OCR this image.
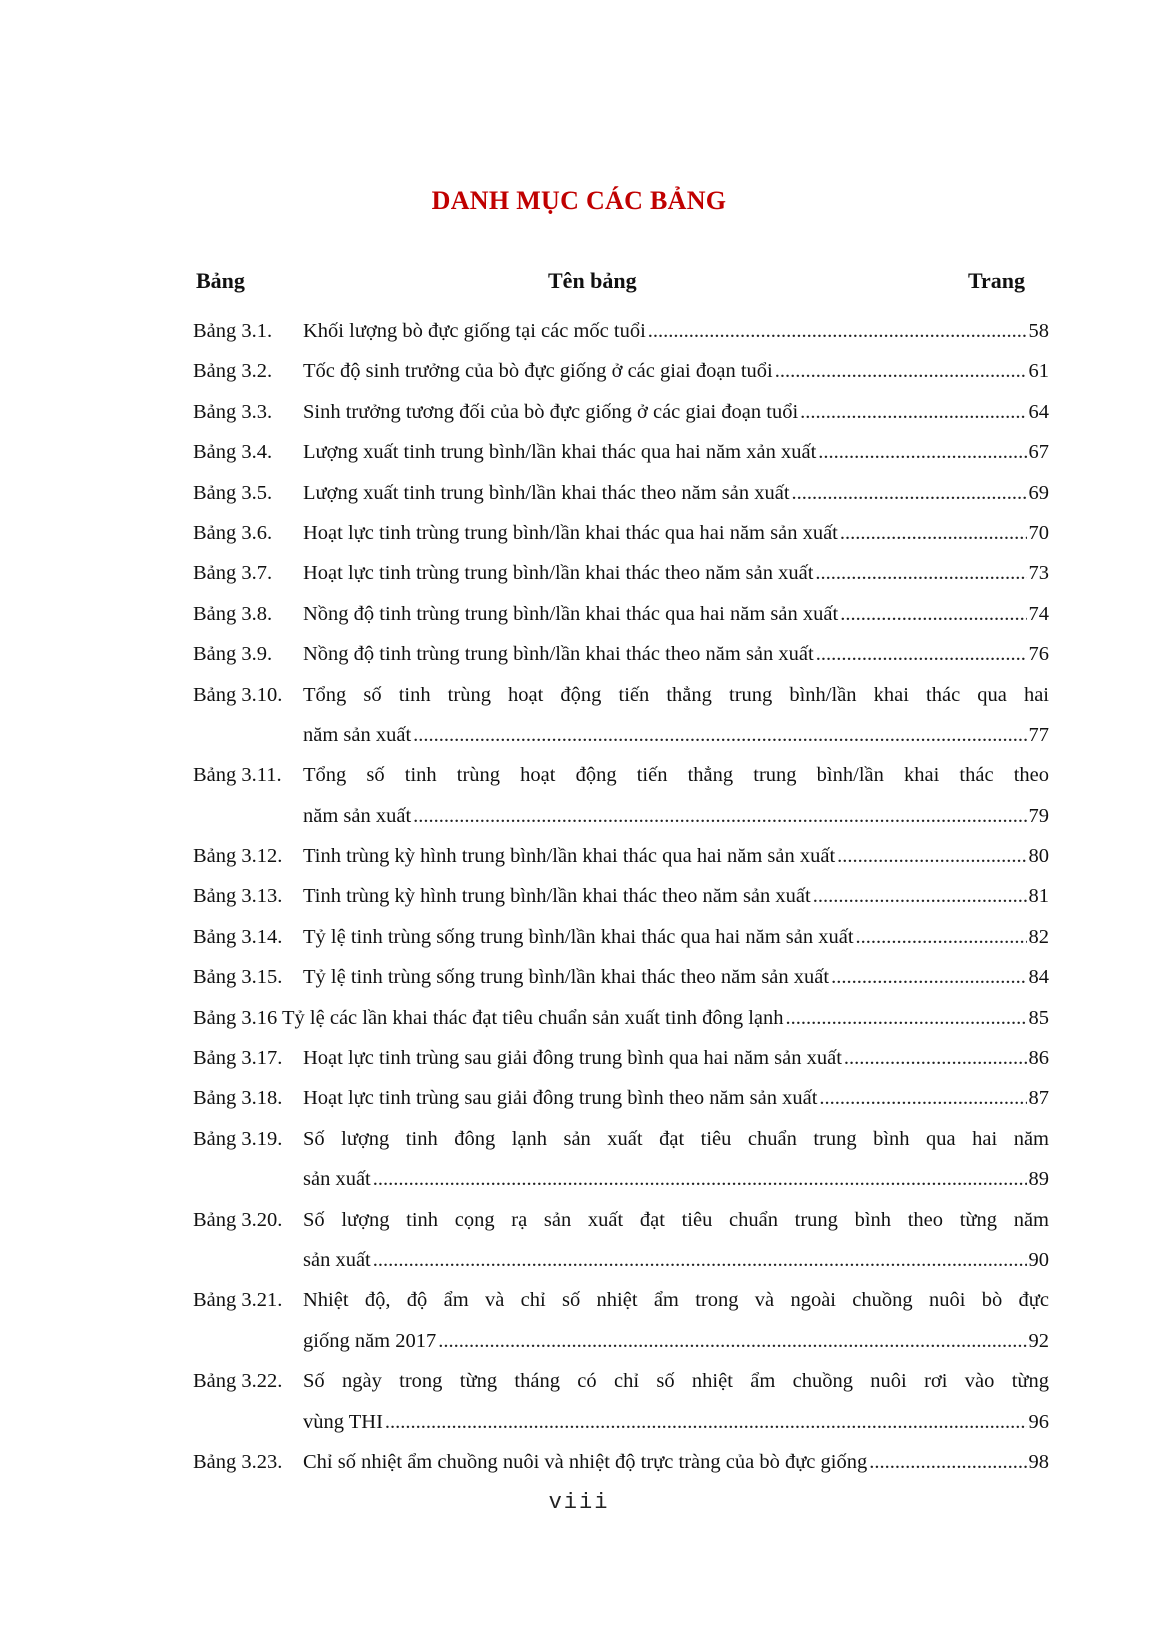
DANH MỤC CÁC BẢNG
Bảng	Tên bảng	Trang
Bảng 3.1. Khối lượng bò đực giống tại các mốc tuổi .....	58
Bảng 3.2. Tốc độ sinh trưởng của bò đực giống ở các giai đoạn tuổi .....	61
Bảng 3.3. Sinh trưởng tương đối của bò đực giống ở các giai đoạn tuổi .....	64
Bảng 3.4. Lượng xuất tinh trung bình/lần khai thác qua hai năm xản xuất .....	67
Bảng 3.5. Lượng xuất tinh trung bình/lần khai thác theo năm sản xuất .....	69
Bảng 3.6. Hoạt lực tinh trùng trung bình/lần khai thác qua hai năm sản xuất .....	70
Bảng 3.7. Hoạt lực tinh trùng trung bình/lần khai thác theo năm sản xuất .....	73
Bảng 3.8. Nồng độ tinh trùng trung bình/lần khai thác qua hai năm sản xuất .....	74
Bảng 3.9. Nồng độ tinh trùng trung bình/lần khai thác theo năm sản xuất .....	76
Bảng 3.10. Tổng số tinh trùng hoạt động tiến thẳng trung bình/lần khai thác qua hai
năm sản xuất .....	77
Bảng 3.11. Tổng số tinh trùng hoạt động tiến thẳng trung bình/lần khai thác theo
năm sản xuất .....	79
Bảng 3.12. Tinh trùng kỳ hình trung bình/lần khai thác qua hai năm sản xuất .....	80
Bảng 3.13. Tinh trùng kỳ hình trung bình/lần khai thác theo năm sản xuất .....	81
Bảng 3.14. Tỷ lệ tinh trùng sống trung bình/lần khai thác qua hai năm sản xuất .....	82
Bảng 3.15. Tỷ lệ tinh trùng sống trung bình/lần khai thác theo năm sản xuất .....	84
Bảng 3.16 Tỷ lệ các lần khai thác đạt tiêu chuẩn sản xuất tinh đông lạnh .....	85
Bảng 3.17. Hoạt lực tinh trùng sau giải đông trung bình qua hai năm sản xuất .....	86
Bảng 3.18. Hoạt lực tinh trùng sau giải đông trung bình theo năm sản xuất .....	87
Bảng 3.19. Số lượng tinh đông lạnh sản xuất đạt tiêu chuẩn trung bình qua hai năm
sản xuất .....	89
Bảng 3.20. Số lượng tinh cọng rạ sản xuất đạt tiêu chuẩn trung bình theo từng năm
sản xuất .....	90
Bảng 3.21. Nhiệt độ, độ ẩm và chỉ số nhiệt ẩm trong và ngoài chuồng nuôi bò đực
giống năm 2017 .....	92
Bảng 3.22. Số ngày trong từng tháng có chỉ số nhiệt ẩm chuồng nuôi rơi vào từng
vùng THI .....	96
Bảng 3.23. Chỉ số nhiệt ẩm chuồng nuôi và nhiệt độ trực tràng của bò đực giống .....	98
viii
